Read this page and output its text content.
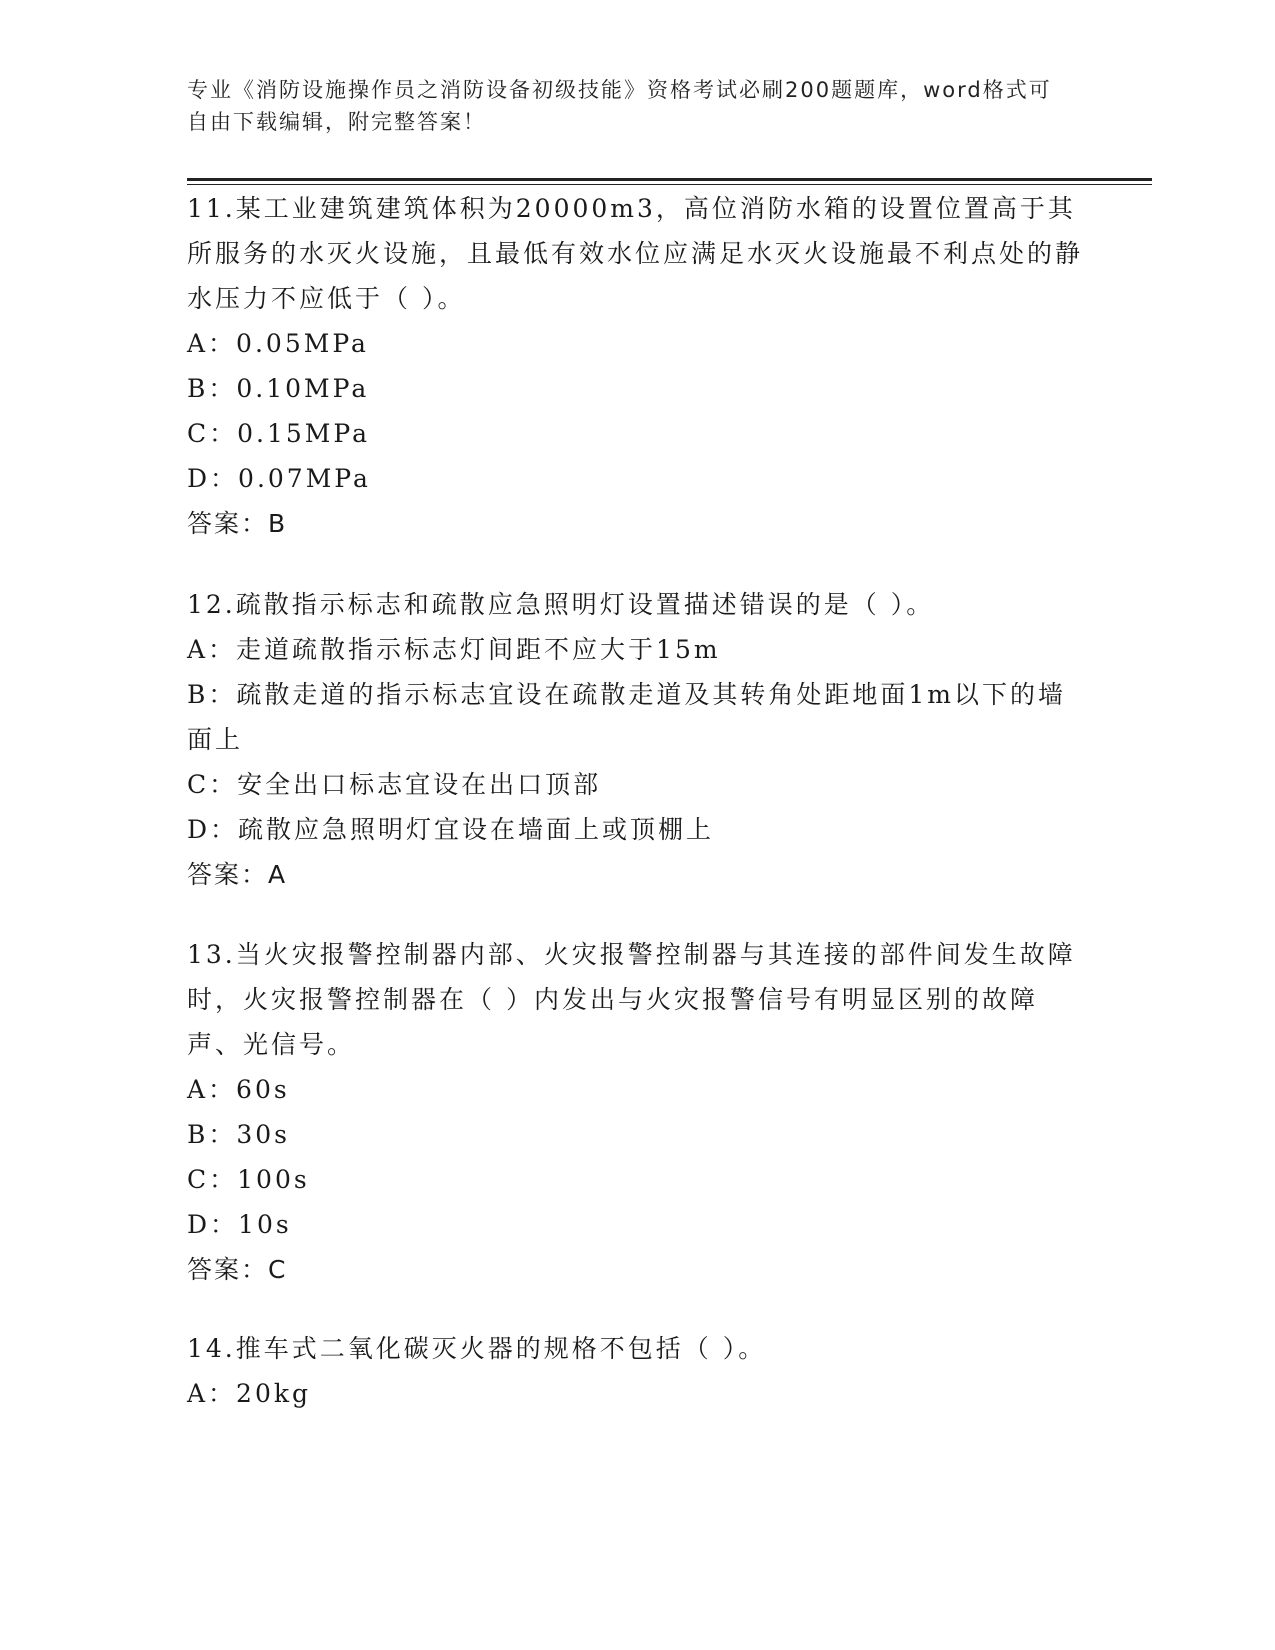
专业《消防设施操作员之消防设备初级技能》资格考试必刷200题题库，word格式可自由下载编辑，附完整答案！

11.某工业建筑建筑体积为20000m3，高位消防水箱的设置位置高于其所服务的水灭火设施，且最低有效水位应满足水灭火设施最不利点处的静水压力不应低于（ ）。

A：0.05MPa

B：0.10MPa

C：0.15MPa

D：0.07MPa

答案：B

12.疏散指示标志和疏散应急照明灯设置描述错误的是（ ）。

A：走道疏散指示标志灯间距不应大于15m

B：疏散走道的指示标志宜设在疏散走道及其转角处距地面1m以下的墙面上

C：安全出口标志宜设在出口顶部

D：疏散应急照明灯宜设在墙面上或顶棚上

答案：A

13.当火灾报警控制器内部、火灾报警控制器与其连接的部件间发生故障时，火灾报警控制器在（ ）内发出与火灾报警信号有明显区别的故障声、光信号。

A：60s

B：30s

C：100s

D：10s

答案：C

14.推车式二氧化碳灭火器的规格不包括（ ）。

A：20kg
